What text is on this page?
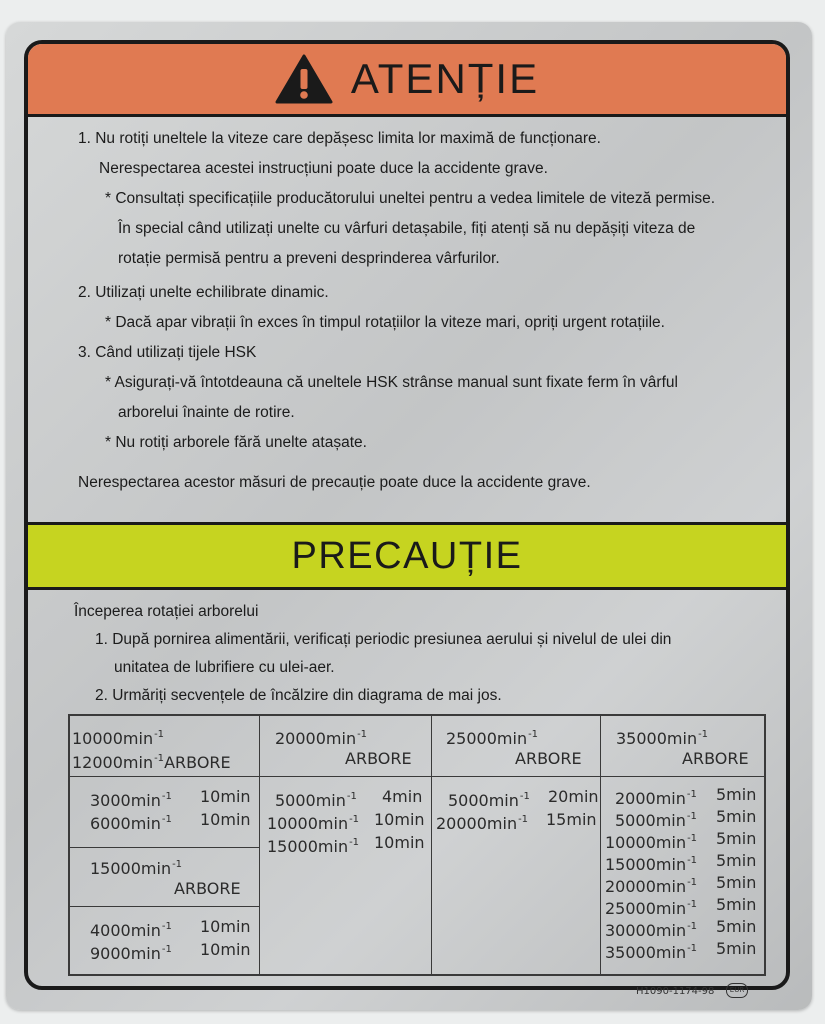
ATENȚIE

1. Nu rotiți uneltele la viteze care depășesc limita lor maximă de funcționare.

Nerespectarea acestei instrucțiuni poate duce la accidente grave.

* Consultați specificațiile producătorului uneltei pentru a vedea limitele de viteză permise.

În special când utilizați unelte cu vârfuri detașabile, fiți atenți să nu depășiți viteza de

rotație permisă pentru a preveni desprinderea vârfurilor.

2. Utilizați unelte echilibrate dinamic.

* Dacă apar vibrații în exces în timpul rotațiilor la viteze mari, opriți urgent rotațiile.

3. Când utilizați tijele HSK

* Asigurați-vă întotdeauna că uneltele HSK strânse manual sunt fixate ferm în vârful

arborelui înainte de rotire.

* Nu rotiți arborele fără unelte atașate.

Nerespectarea acestor măsuri de precauție poate duce la accidente grave.

PRECAUȚIE

Începerea rotației arborelui

1. După pornirea alimentării, verificați periodic presiunea aerului și nivelul de ulei din

unitatea de lubrifiere cu ulei-aer.

2. Urmăriți secvențele de încălzire din diagrama de mai jos.

$10000\min^{-1}$
$12000\min^{-1}ARBORE$
$3000\min^{-1}$ 10min
$6000\min^{-1}$ 10min
$15000\min^{-1}$
ARBORE
$4000\min^{-1}$ 10min
$9000\min^{-1}$ 10min
$20000\min^{-1}$
ARBORE
$5000\min^{-1}$ 4min
$10000\min^{-1}$ 10min
$15000\min^{-1}$ 10min
$25000\min^{-1}$
ARBORE
$5000\min^{-1}$ 20min
$20000\min^{-1}$ 15min
$35000\min^{-1}$
ARBORE
$2000\min^{-1}$ 5min
$5000\min^{-1}$ 5min
$10000\min^{-1}$ 5min
$15000\min^{-1}$ 5min
$20000\min^{-1}$ 5min
$25000\min^{-1}$ 5min
$30000\min^{-1}$ 5min
$35000\min^{-1}$ 5min
H1090-1174-98	EUR
